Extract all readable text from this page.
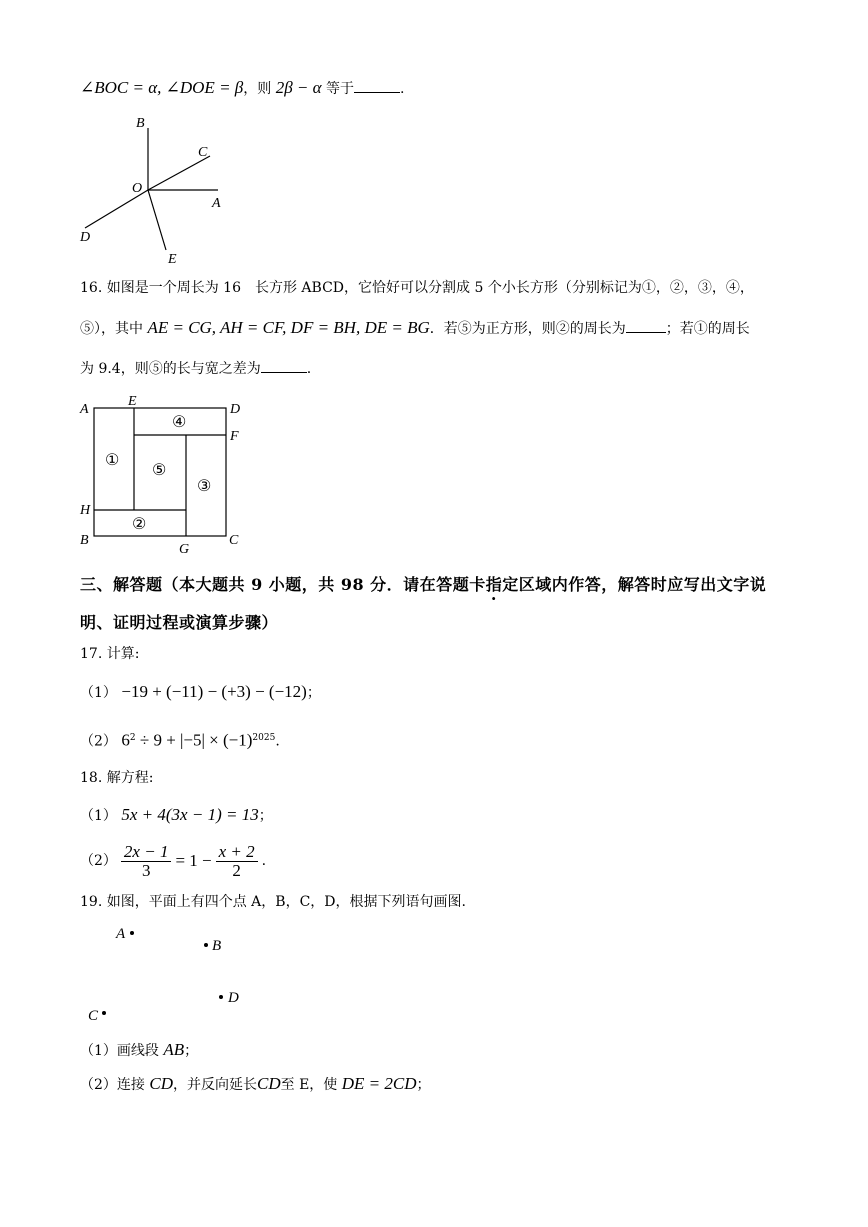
∠BOC = α, ∠DOE = β，则 2β − α 等于	.
B
C
O
A
D
E
16. 如图是一个周长为 16　长方形 ABCD，它恰好可以分割成 5 个小长方形（分别标记为①，②，③，④，
⑤），其中 AE = CG, AH = CF, DF = BH, DE = BG．若⑤为正方形，则②的周长为	；若①的周长
为 9.4，则⑤的长与宽之差为	.
A
E
D
F
H
B
G
C
①
②
③
④
⑤
三、解答题（本大题共 9 小题，共 98 分．请在答题卡指定区域 ·内作答，解答时应写出文字说
明、证明过程或演算步骤）
17. 计算:
（1） −19 + (−11) − (+3) − (−12)；
（2） $6^2 \div 9 + |-5| \times (-1)^{2025}$.
18. 解方程:
（1） 5x + 4(3x − 1) = 13；
$(2) \frac{2x - 1}{3} = 1 - \frac{x + 2}{2}$ .
19. 如图，平面上有四个点 A，B，C，D，根据下列语句画图.
A
B
D
C
（1）画线段 AB；
（2）连接 CD，并反向延长CD至 E，使 DE = 2CD；
